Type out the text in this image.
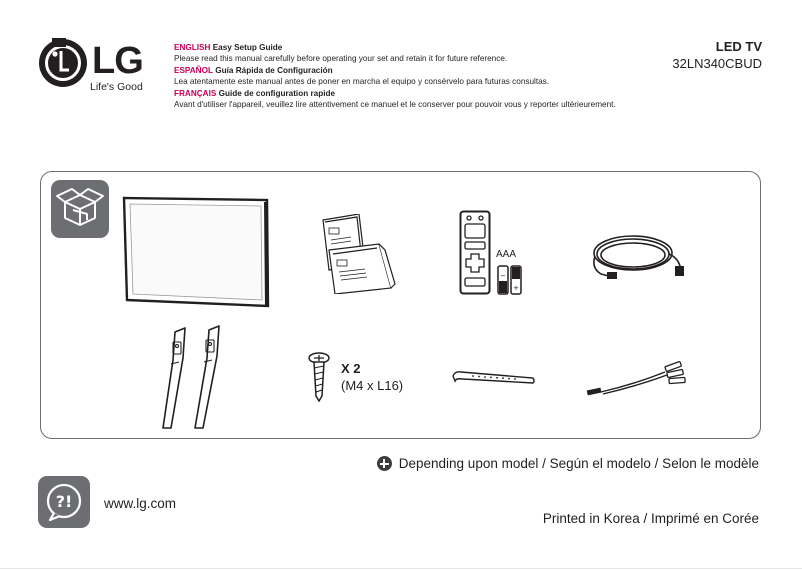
LG
Life's Good

ENGLISH Easy Setup Guide

Please read this manual carefully before operating your set and retain it for future reference.

ESPAÑOL Guía Rápida de Configuración

Lea atentamente este manual antes de poner en marcha el equipo y consérvelo para futuras consultas.

FRANÇAIS Guide de configuration rapide

Avant d'utiliser l'appareil, veuillez lire attentivement ce manuel et le conserver pour pouvoir vous y reporter ultérieurement.

LED TV
32LN340CBUD
−
+
AAA
X 2
(M4 x L16)
Depending upon model / Según el modelo / Selon le modèle
?! www.lg.com
Printed in Korea / Imprimé en Corée
